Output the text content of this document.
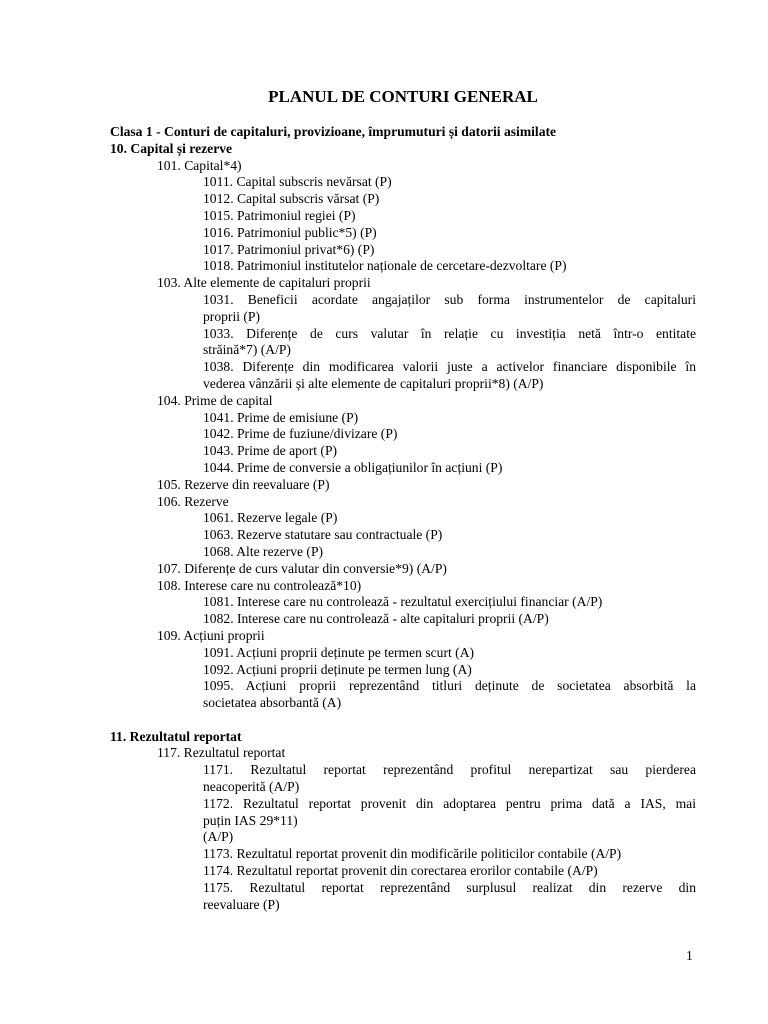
PLANUL DE CONTURI GENERAL

Clasa 1 - Conturi de capitaluri, provizioane, împrumuturi și datorii asimilate

10. Capital și rezerve

101. Capital*4)

1011. Capital subscris nevărsat (P)

1012. Capital subscris vărsat (P)

1015. Patrimoniul regiei (P)

1016. Patrimoniul public*5) (P)

1017. Patrimoniul privat*6) (P)

1018. Patrimoniul institutelor naționale de cercetare-dezvoltare (P)

103. Alte elemente de capitaluri proprii

1031. Beneficii acordate angajaților sub forma instrumentelor de capitaluri

proprii (P)

1033. Diferențe de curs valutar în relație cu investiția netă într-o entitate

străină*7) (A/P)

1038. Diferențe din modificarea valorii juste a activelor financiare disponibile în

vederea vânzării și alte elemente de capitaluri proprii*8) (A/P)

104. Prime de capital

1041. Prime de emisiune (P)

1042. Prime de fuziune/divizare (P)

1043. Prime de aport (P)

1044. Prime de conversie a obligațiunilor în acțiuni (P)

105. Rezerve din reevaluare (P)

106. Rezerve

1061. Rezerve legale (P)

1063. Rezerve statutare sau contractuale (P)

1068. Alte rezerve (P)

107. Diferențe de curs valutar din conversie*9) (A/P)

108. Interese care nu controlează*10)

1081. Interese care nu controlează - rezultatul exercițiului financiar (A/P)

1082. Interese care nu controlează - alte capitaluri proprii (A/P)

109. Acțiuni proprii

1091. Acțiuni proprii deținute pe termen scurt (A)

1092. Acțiuni proprii deținute pe termen lung (A)

1095. Acțiuni proprii reprezentând titluri deținute de societatea absorbită la

societatea absorbantă (A)

11. Rezultatul reportat

117. Rezultatul reportat

1171. Rezultatul reportat reprezentând profitul nerepartizat sau pierderea

neacoperită (A/P)

1172. Rezultatul reportat provenit din adoptarea pentru prima dată a IAS, mai

puțin IAS 29*11)

(A/P)

1173. Rezultatul reportat provenit din modificările politicilor contabile (A/P)

1174. Rezultatul reportat provenit din corectarea erorilor contabile (A/P)

1175. Rezultatul reportat reprezentând surplusul realizat din rezerve din

reevaluare (P)

1
